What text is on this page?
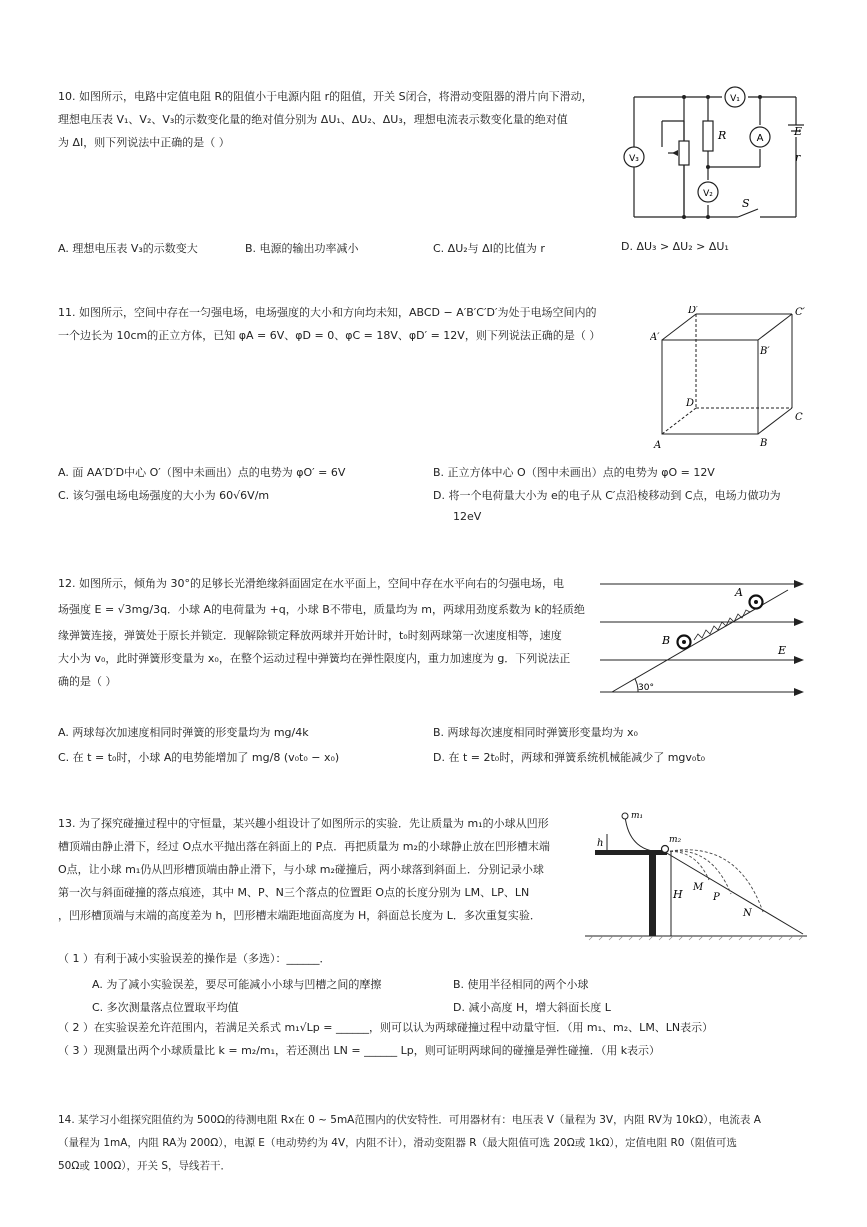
10. 如图所示，电路中定值电阻 R的阻值小于电源内阻 r的阻值，开关 S闭合，将滑动变阻器的滑片向下滑动，
理想电压表 V₁、V₂、V₃的示数变化量的绝对值分别为 ΔU₁、ΔU₂、ΔU₃，理想电流表示数变化量的绝对值
为 ΔI，则下列说法中正确的是（ ）
V₁
V₂
V₃
A
R	E
r
S
A. 理想电压表 V₃的示数变大	B. 电源的输出功率减小	C. ΔU₂与 ΔI的比值为 r	D. ΔU₃ > ΔU₂ > ΔU₁
11. 如图所示，空间中存在一匀强电场，电场强度的大小和方向均未知，ABCD − A′B′C′D′为处于电场空间内的
一个边长为 10cm的正立方体，已知 φA = 6V、φD = 0、φC = 18V、φD′ = 12V，则下列说法正确的是（ ）
D′	C′
A′
B′
D
C
A	B
A. 面 AA′D′D中心 O′（图中未画出）点的电势为 φO′ = 6V	B. 正立方体中心 O（图中未画出）点的电势为 φO = 12V
C. 该匀强电场电场强度的大小为 60√6V/m	D. 将一个电荷量大小为 e的电子从 C′点沿棱移动到 C点，电场力做功为
12eV
12. 如图所示，倾角为 30°的足够长光滑绝缘斜面固定在水平面上，空间中存在水平向右的匀强电场，电
场强度 E = √3mg/3q．小球 A的电荷量为 +q，小球 B不带电，质量均为 m，两球用劲度系数为 k的轻质绝
缘弹簧连接，弹簧处于原长并锁定．现解除锁定释放两球并开始计时，t₀时刻两球第一次速度相等，速度
大小为 v₀，此时弹簧形变量为 x₀，在整个运动过程中弹簧均在弹性限度内，重力加速度为 g．下列说法正
确的是（ ）
A
B
E
30°
A. 两球每次加速度相同时弹簧的形变量均为 mg/4k	B. 两球每次速度相同时弹簧形变量均为 x₀
C. 在 t = t₀时，小球 A的电势能增加了 mg/8 (v₀t₀ − x₀)	D. 在 t = 2t₀时，两球和弹簧系统机械能减少了 mgv₀t₀
13. 为了探究碰撞过程中的守恒量，某兴趣小组设计了如图所示的实验．先让质量为 m₁的小球从凹形
槽顶端由静止滑下，经过 O点水平抛出落在斜面上的 P点．再把质量为 m₂的小球静止放在凹形槽末端
O点，让小球 m₁仍从凹形槽顶端由静止滑下，与小球 m₂碰撞后，两小球落到斜面上．分别记录小球
第一次与斜面碰撞的落点痕迹，其中 M、P、N三个落点的位置距 O点的长度分别为 LM、LP、LN
，凹形槽顶端与末端的高度差为 h，凹形槽末端距地面高度为 H，斜面总长度为 L．多次重复实验．
m₁
m₂
h
H
M
P
N
（ 1 ）有利于减小实验误差的操作是（多选）：______．
A. 为了减小实验误差，要尽可能减小小球与凹槽之间的摩擦	B. 使用半径相同的两个小球
C. 多次测量落点位置取平均值	D. 减小高度 H，增大斜面长度 L
（ 2 ）在实验误差允许范围内，若满足关系式 m₁√Lp = ______，则可以认为两球碰撞过程中动量守恒．（用 m₁、m₂、LM、LN表示）
（ 3 ）现测量出两个小球质量比 k = m₂/m₁，若还测出 LN = ______ Lp，则可证明两球间的碰撞是弹性碰撞．（用 k表示）
14. 某学习小组探究阻值约为 500Ω的待测电阻 Rx在 0 ~ 5mA范围内的伏安特性．可用器材有：电压表 V（量程为 3V，内阻 RV为 10kΩ），电流表 A
（量程为 1mA，内阻 RA为 200Ω），电源 E（电动势约为 4V，内阻不计），滑动变阻器 R（最大阻值可选 20Ω或 1kΩ），定值电阻 R0（阻值可选
50Ω或 100Ω），开关 S，导线若干．
